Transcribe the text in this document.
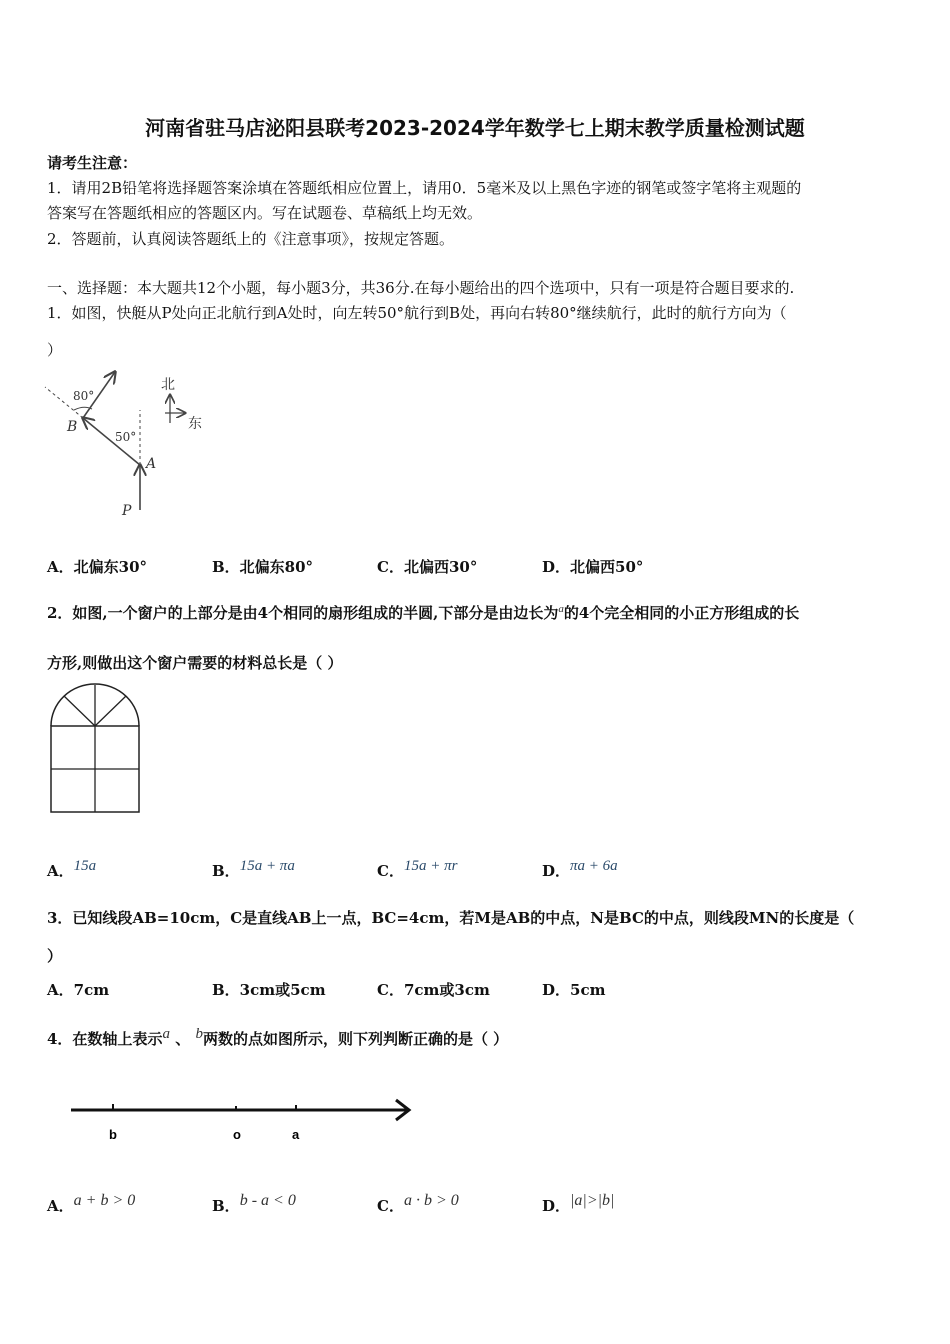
河南省驻马店泌阳县联考2023-2024学年数学七上期末教学质量检测试题
请考生注意：
1．请用2B铅笔将选择题答案涂填在答题纸相应位置上，请用0．5毫米及以上黑色字迹的钢笔或签字笔将主观题的
答案写在答题纸相应的答题区内。写在试题卷、草稿纸上均无效。
2．答题前，认真阅读答题纸上的《注意事项》，按规定答题。
一、选择题：本大题共12个小题，每小题3分，共36分.在每小题给出的四个选项中，只有一项是符合题目要求的.
1．如图，快艇从P处向正北航行到A处时，向左转50°航行到B处，再向右转80°继续航行，此时的航行方向为（
）
80°
50°
B
A
P
北
东
A．北偏东30°	B．北偏东80°	C．北偏西30°	D．北偏西50°
2．如图,一个窗户的上部分是由4个相同的扇形组成的半圆,下部分是由边长为$^a$的4个完全相同的小正方形组成的长
方形,则做出这个窗户需要的材料总长是（ ）
A．$^{15a}$	B．$^{15a + \pi a}$	C．$^{15a + \pi r}$	D．$^{\pi a + 6a}$
3．已知线段AB=10cm，C是直线AB上一点，BC=4cm，若M是AB的中点，N是BC的中点，则线段MN的长度是（
）
A．7cm	B．3cm或5cm	C．7cm或3cm	D．5cm
4．在数轴上表示$^a$ 、 $^b$两数的点如图所示，则下列判断正确的是（ ）
b	o	a
A．$^{a + b > 0}$	B．$^{b - a < 0}$	C．$^{a \cdot b > 0}$	D．$^{|a|>|b|}$
